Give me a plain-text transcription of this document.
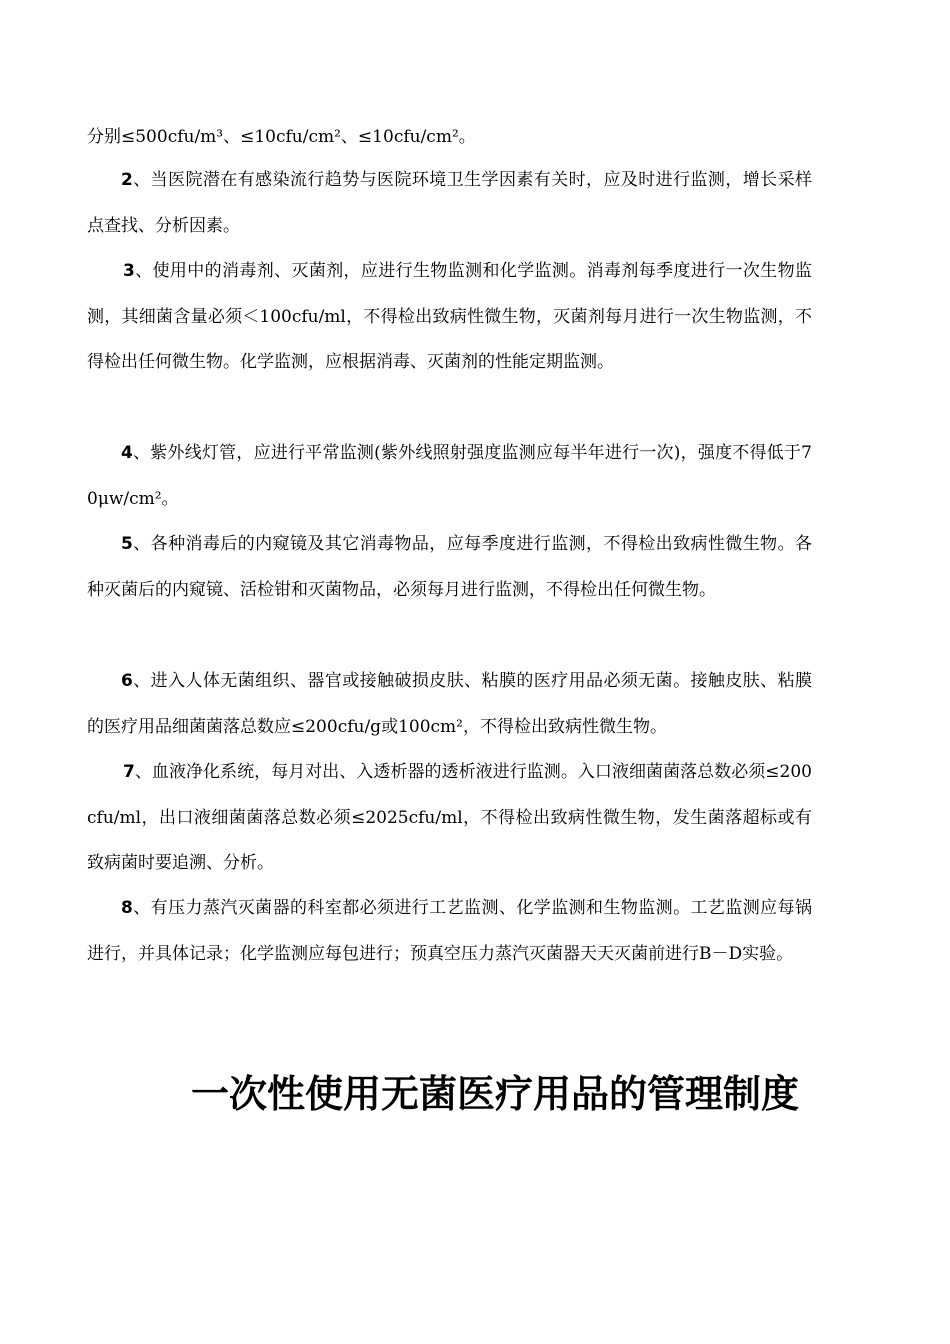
分别≤500cfu/m³、≤10cfu/cm²、≤10cfu/cm²。

2、当医院潜在有感染流行趋势与医院环境卫生学因素有关时，应及时进行监测，增长采样点查找、分析因素。

3、使用中的消毒剂、灭菌剂，应进行生物监测和化学监测。消毒剂每季度进行一次生物监测，其细菌含量必须＜100cfu/ml，不得检出致病性微生物，灭菌剂每月进行一次生物监测，不得检出任何微生物。化学监测，应根据消毒、灭菌剂的性能定期监测。

4、紫外线灯管，应进行平常监测(紫外线照射强度监测应每半年进行一次)，强度不得低于70μw/cm²。

5、各种消毒后的内窥镜及其它消毒物品，应每季度进行监测，不得检出致病性微生物。各种灭菌后的内窥镜、活检钳和灭菌物品，必须每月进行监测，不得检出任何微生物。

6、进入人体无菌组织、器官或接触破损皮肤、粘膜的医疗用品必须无菌。接触皮肤、粘膜的医疗用品细菌菌落总数应≤200cfu/g或100cm²，不得检出致病性微生物。

7、血液净化系统，每月对出、入透析器的透析液进行监测。入口液细菌菌落总数必须≤200cfu/ml，出口液细菌菌落总数必须≤2025cfu/ml，不得检出致病性微生物，发生菌落超标或有致病菌时要追溯、分析。

8、有压力蒸汽灭菌器的科室都必须进行工艺监测、化学监测和生物监测。工艺监测应每锅进行，并具体记录；化学监测应每包进行；预真空压力蒸汽灭菌器天天灭菌前进行B－D实验。

一次性使用无菌医疗用品的管理制度
